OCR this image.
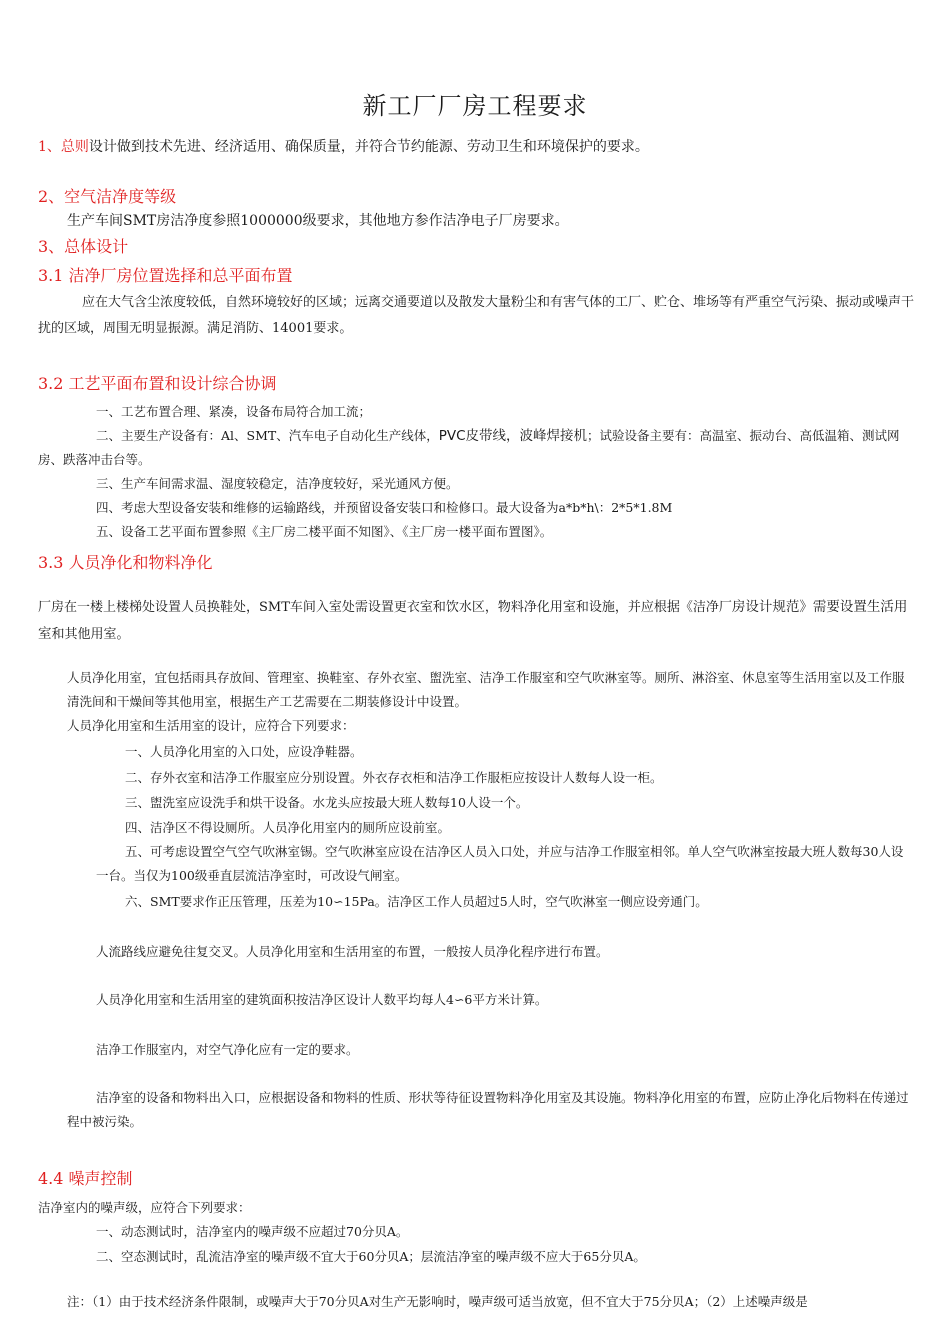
新工厂厂房工程要求
1、总则设计做到技术先进、经济适用、确保质量，并符合节约能源、劳动卫生和环境保护的要求。
2、空气洁净度等级
生产车间SMT房洁净度参照1000000级要求，其他地方参作洁净电子厂房要求。
3、总体设计
3.1 洁净厂房位置选择和总平面布置
应在大气含尘浓度较低，自然环境较好的区域；远离交通要道以及散发大量粉尘和有害气体的工厂、贮仓、堆场等有严重空气污染、振动或噪声干扰的区域，周围无明显振源。满足消防、14001要求。
3.2 工艺平面布置和设计综合协调
一、工艺布置合理、紧凑，设备布局符合加工流；
二、主要生产设备有：Al、SMT、汽车电子自动化生产线体，PVC皮带线，波峰焊接机；试验设备主要有：高温室、振动台、高低温箱、测试网房、跌落冲击台等。
三、生产车间需求温、湿度较稳定，洁净度较好，采光通风方便。
四、考虑大型设备安装和维修的运输路线，并预留设备安装口和检修口。最大设备为a*b*h\：2*5*1.8M
五、设备工艺平面布置参照《主厂房二楼平面不知图》、《主厂房一楼平面布置图》。
3.3 人员净化和物料净化
厂房在一楼上楼梯处设置人员换鞋处，SMT车间入室处需设置更衣室和饮水区，物料净化用室和设施，并应根据《洁净厂房设计规范》需要设置生活用室和其他用室。
人员净化用室，宜包括雨具存放间、管理室、换鞋室、存外衣室、盥洗室、洁净工作服室和空气吹淋室等。厕所、淋浴室、休息室等生活用室以及工作服清洗间和干燥间等其他用室，根据生产工艺需要在二期装修设计中设置。
人员净化用室和生活用室的设计，应符合下列要求：
一、人员净化用室的入口处，应设净鞋器。
二、存外衣室和洁净工作服室应分别设置。外衣存衣柜和洁净工作服柜应按设计人数每人设一柜。
三、盥洗室应设洗手和烘干设备。水龙头应按最大班人数每10人设一个。
四、洁净区不得设厕所。人员净化用室内的厕所应设前室。
五、可考虑设置空气空气吹淋室锡。空气吹淋室应设在洁净区人员入口处，并应与洁净工作服室相邻。单人空气吹淋室按最大班人数每30人设一台。当仅为100级垂直层流洁净室时，可改设气闸室。
六、SMT要求作正压管理，压差为10∽15Pa。洁净区工作人员超过5人时，空气吹淋室一侧应设旁通门。
人流路线应避免往复交叉。人员净化用室和生活用室的布置，一般按人员净化程序进行布置。
人员净化用室和生活用室的建筑面积按洁净区设计人数平均每人4∽6平方米计算。
洁净工作服室内，对空气净化应有一定的要求。
洁净室的设备和物料出入口，应根据设备和物料的性质、形状等待征设置物料净化用室及其设施。物料净化用室的布置，应防止净化后物料在传递过程中被污染。
4.4 噪声控制
洁净室内的噪声级，应符合下列要求：
一、动态测试时，洁净室内的噪声级不应超过70分贝A。
二、空态测试时，乱流洁净室的噪声级不宜大于60分贝A；层流洁净室的噪声级不应大于65分贝A。
注：（1）由于技术经济条件限制，或噪声大于70分贝A对生产无影响时，噪声级可适当放宽，但不宜大于75分贝A；（2）上述噪声级是
